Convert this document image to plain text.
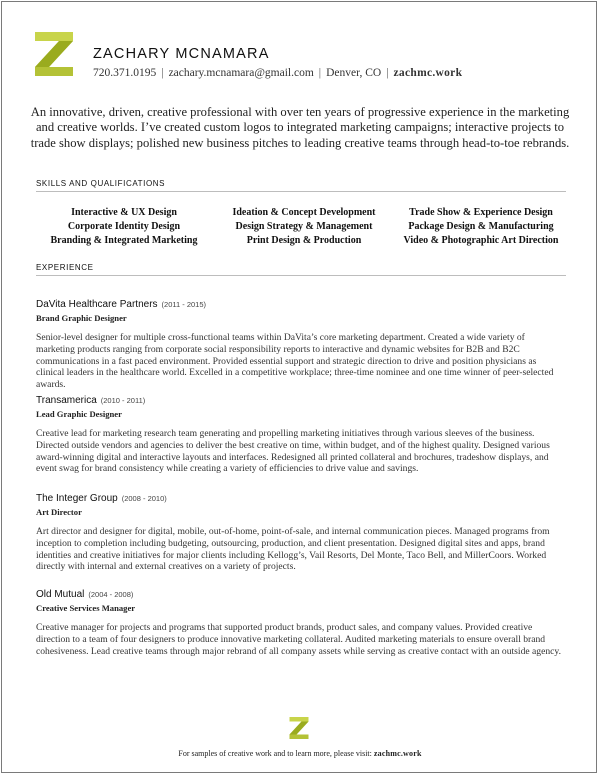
ZACHARY MCNAMARA
720.371.0195 | zachary.mcnamara@gmail.com | Denver, CO | zachmc.work
An innovative, driven, creative professional with over ten years of progressive experience in the marketing and creative worlds. I’ve created custom logos to integrated marketing campaigns; interactive projects to trade show displays; polished new business pitches to leading creative teams through head-to-toe rebrands.
SKILLS AND QUALIFICATIONS
Interactive & UX Design	Ideation & Concept Development	Trade Show & Experience Design
Corporate Identity Design	Design Strategy & Management	Package Design & Manufacturing
Branding & Integrated Marketing	Print Design & Production	Video & Photographic Art Direction
EXPERIENCE
DaVita Healthcare Partners (2011 - 2015)
Brand Graphic Designer
Senior-level designer for multiple cross-functional teams within DaVita’s core marketing department. Created a wide variety of marketing products ranging from corporate social responsibility reports to interactive and dynamic websites for B2B and B2C communications in a fast paced environment. Provided essential support and strategic direction to drive and position physicians as clinical leaders in the healthcare world. Excelled in a competitive workplace; three-time nominee and one time winner of peer-selected awards.
Transamerica (2010 - 2011)
Lead Graphic Designer
Creative lead for marketing research team generating and propelling marketing initiatives through various sleeves of the business. Directed outside vendors and agencies to deliver the best creative on time, within budget, and of the highest quality. Designed various award-winning digital and interactive layouts and interfaces. Redesigned all printed collateral and brochures, tradeshow displays, and event swag for brand consistency while creating a variety of efficiencies to drive value and savings.
The Integer Group (2008 - 2010)
Art Director
Art director and designer for digital, mobile, out-of-home, point-of-sale, and internal communication pieces. Managed programs from inception to completion including budgeting, outsourcing, production, and client presentation. Designed digital sites and apps, brand identities and creative initiatives for major clients including Kellogg’s, Vail Resorts, Del Monte, Taco Bell, and MillerCoors. Worked directly with internal and external creatives on a variety of projects.
Old Mutual (2004 - 2008)
Creative Services Manager
Creative manager for projects and programs that supported product brands, product sales, and company values. Provided creative direction to a team of four designers to produce innovative marketing collateral. Audited marketing materials to ensure overall brand cohesiveness. Lead creative teams through major rebrand of all company assets while serving as creative contact with an outside agency.
For samples of creative work and to learn more, please visit: zachmc.work
